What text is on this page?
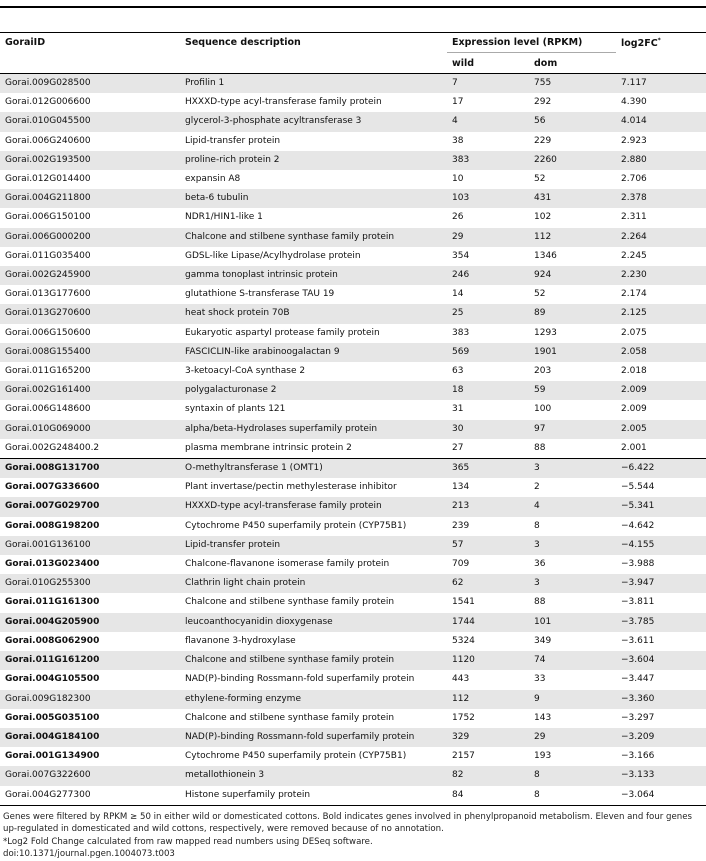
GoraiID	Sequence description	Expression level (RPKM)		log2FC*
		wild	dom	
Gorai.009G028500	Profilin 1	7	755	7.117
Gorai.012G006600	HXXXD-type acyl-transferase family protein	17	292	4.390
Gorai.010G045500	glycerol-3-phosphate acyltransferase 3	4	56	4.014
Gorai.006G240600	Lipid-transfer protein	38	229	2.923
Gorai.002G193500	proline-rich protein 2	383	2260	2.880
Gorai.012G014400	expansin A8	10	52	2.706
Gorai.004G211800	beta-6 tubulin	103	431	2.378
Gorai.006G150100	NDR1/HIN1-like 1	26	102	2.311
Gorai.006G000200	Chalcone and stilbene synthase family protein	29	112	2.264
Gorai.011G035400	GDSL-like Lipase/Acylhydrolase protein	354	1346	2.245
Gorai.002G245900	gamma tonoplast intrinsic protein	246	924	2.230
Gorai.013G177600	glutathione S-transferase TAU 19	14	52	2.174
Gorai.013G270600	heat shock protein 70B	25	89	2.125
Gorai.006G150600	Eukaryotic aspartyl protease family protein	383	1293	2.075
Gorai.008G155400	FASCICLIN-like arabinoogalactan 9	569	1901	2.058
Gorai.011G165200	3-ketoacyl-CoA synthase 2	63	203	2.018
Gorai.002G161400	polygalacturonase 2	18	59	2.009
Gorai.006G148600	syntaxin of plants 121	31	100	2.009
Gorai.010G069000	alpha/beta-Hydrolases superfamily protein	30	97	2.005
Gorai.002G248400.2	plasma membrane intrinsic protein 2	27	88	2.001
Gorai.008G131700	O-methyltransferase 1 (OMT1)	365	3	−6.422
Gorai.007G336600	Plant invertase/pectin methylesterase inhibitor	134	2	−5.544
Gorai.007G029700	HXXXD-type acyl-transferase family protein	213	4	−5.341
Gorai.008G198200	Cytochrome P450 superfamily protein (CYP75B1)	239	8	−4.642
Gorai.001G136100	Lipid-transfer protein	57	3	−4.155
Gorai.013G023400	Chalcone-flavanone isomerase family protein	709	36	−3.988
Gorai.010G255300	Clathrin light chain protein	62	3	−3.947
Gorai.011G161300	Chalcone and stilbene synthase family protein	1541	88	−3.811
Gorai.004G205900	leucoanthocyanidin dioxygenase	1744	101	−3.785
Gorai.008G062900	flavanone 3-hydroxylase	5324	349	−3.611
Gorai.011G161200	Chalcone and stilbene synthase family protein	1120	74	−3.604
Gorai.004G105500	NAD(P)-binding Rossmann-fold superfamily protein	443	33	−3.447
Gorai.009G182300	ethylene-forming enzyme	112	9	−3.360
Gorai.005G035100	Chalcone and stilbene synthase family protein	1752	143	−3.297
Gorai.004G184100	NAD(P)-binding Rossmann-fold superfamily protein	329	29	−3.209
Gorai.001G134900	Cytochrome P450 superfamily protein (CYP75B1)	2157	193	−3.166
Gorai.007G322600	metallothionein 3	82	8	−3.133
Gorai.004G277300	Histone superfamily protein	84	8	−3.064

Genes were filtered by RPKM ≥ 50 in either wild or domesticated cottons. Bold indicates genes involved in phenylpropanoid metabolism. Eleven and four genes up-regulated in domesticated and wild cottons, respectively, were removed because of no annotation.

*Log2 Fold Change calculated from raw mapped read numbers using DESeq software.

doi:10.1371/journal.pgen.1004073.t003
